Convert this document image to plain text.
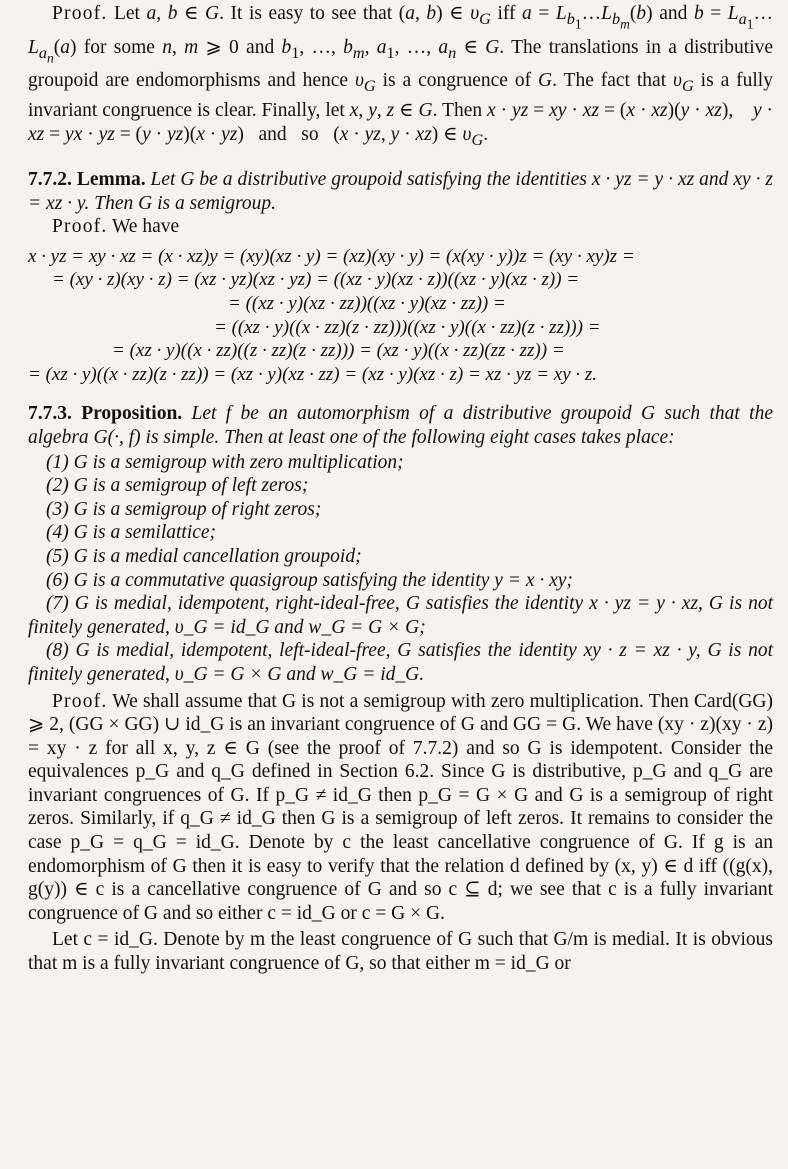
Proof. Let a, b ∈ G. It is easy to see that (a, b) ∈ $\upsilon_G$ iff $a = L_{b_1}\dots L_{b_m}(b)$ and $b = L_{a_1}\dots L_{a_n}(a)$ for some n, m ⩾ 0 and $b_1$, …, $b_m$, $a_1$, …, $a_n$ ∈ G. The translations in a distributive groupoid are endomorphisms and hence $\upsilon_G$ is a congruence of G. The fact that $\upsilon_G$ is a fully invariant congruence is clear. Finally, let x, y, z ∈ G. Then x · yz = xy · xz = (x · xz)(y · xz),    y · xz = yx · yz = (y · yz)(x · yz)   and   so   (x · yz, y · xz) ∈ $\upsilon_G$.

7.7.2. Lemma. Let G be a distributive groupoid satisfying the identities x · yz = y · xz and xy · z = xz · y. Then G is a semigroup.

Proof. We have

x · yz = xy · xz = (x · xz)y = (xy)(xz · y) = (xz)(xy · y) = (x(xy · y))z = (xy · xy)z =
= (xy · z)(xy · z) = (xz · yz)(xz · yz) = ((xz · y)(xz · z))((xz · y)(xz · z)) =
= ((xz · y)(xz · zz))((xz · y)(xz · zz)) =
= ((xz · y)((x · zz)(z · zz)))((xz · y)((x · zz)(z · zz))) =
= (xz · y)((x · zz)((z · zz)(z · zz))) = (xz · y)((x · zz)(zz · zz)) =
= (xz · y)((x · zz)(z · zz)) = (xz · y)(xz · zz) = (xz · y)(xz · z) = xz · yz = xy · z.

7.7.3. Proposition. Let f be an automorphism of a distributive groupoid G such that the algebra G(·, f) is simple. Then at least one of the following eight cases takes place:

(1) G is a semigroup with zero multiplication;
(2) G is a semigroup of left zeros;
(3) G is a semigroup of right zeros;
(4) G is a semilattice;
(5) G is a medial cancellation groupoid;
(6) G is a commutative quasigroup satisfying the identity y = x · xy;
(7) G is medial, idempotent, right-ideal-free, G satisfies the identity x · yz = y · xz, G is not finitely generated, υ_G = id_G and w_G = G × G;
(8) G is medial, idempotent, left-ideal-free, G satisfies the identity xy · z = xz · y, G is not finitely generated, υ_G = G × G and w_G = id_G.

Proof. We shall assume that G is not a semigroup with zero multiplication. Then Card(GG) ⩾ 2, (GG × GG) ∪ id_G is an invariant congruence of G and GG = G. We have (xy · z)(xy · z) = xy · z for all x, y, z ∈ G (see the proof of 7.7.2) and so G is idempotent. Consider the equivalences p_G and q_G defined in Section 6.2. Since G is distributive, p_G and q_G are invariant congruences of G. If p_G ≠ id_G then p_G = G × G and G is a semigroup of right zeros. Similarly, if q_G ≠ id_G then G is a semigroup of left zeros. It remains to consider the case p_G = q_G = id_G. Denote by c the least cancellative congruence of G. If g is an endomorphism of G then it is easy to verify that the relation d defined by (x, y) ∈ d iff ((g(x), g(y)) ∈ c is a cancellative congruence of G and so c ⊆ d; we see that c is a fully invariant congruence of G and so either c = id_G or c = G × G.

Let c = id_G. Denote by m the least congruence of G such that G/m is medial. It is obvious that m is a fully invariant congruence of G, so that either m = id_G or
